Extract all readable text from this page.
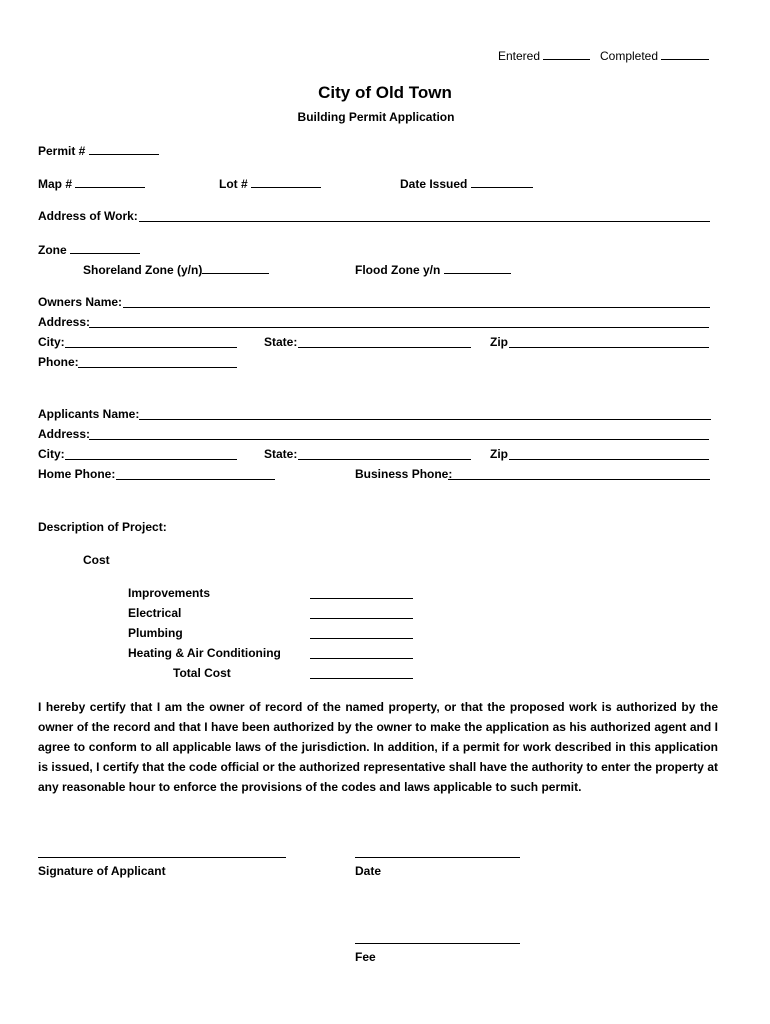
Entered	Completed
City of Old Town
Building Permit Application
Permit #
Map #	Lot #	Date Issued
Address of Work:
Zone
Shoreland Zone (y/n)	Flood Zone y/n
Owners Name:
Address:
City:	State:	Zip
Phone:
Applicants Name:
Address:
City:	State:	Zip
Home Phone:	Business Phone:
Description of Project:
Cost
Improvements
Electrical
Plumbing
Heating & Air Conditioning
Total Cost
I hereby certify that I am the owner of record of the named property, or that the proposed work is authorized by the owner of the record and that I have been authorized by the owner to make the application as his authorized agent and I agree to conform to all applicable laws of the jurisdiction. In addition, if a permit for work described in this application is issued, I certify that the code official or the authorized representative shall have the authority to enter the property at any reasonable hour to enforce the provisions of the codes and laws applicable to such permit.
Signature of Applicant	Date
Fee
